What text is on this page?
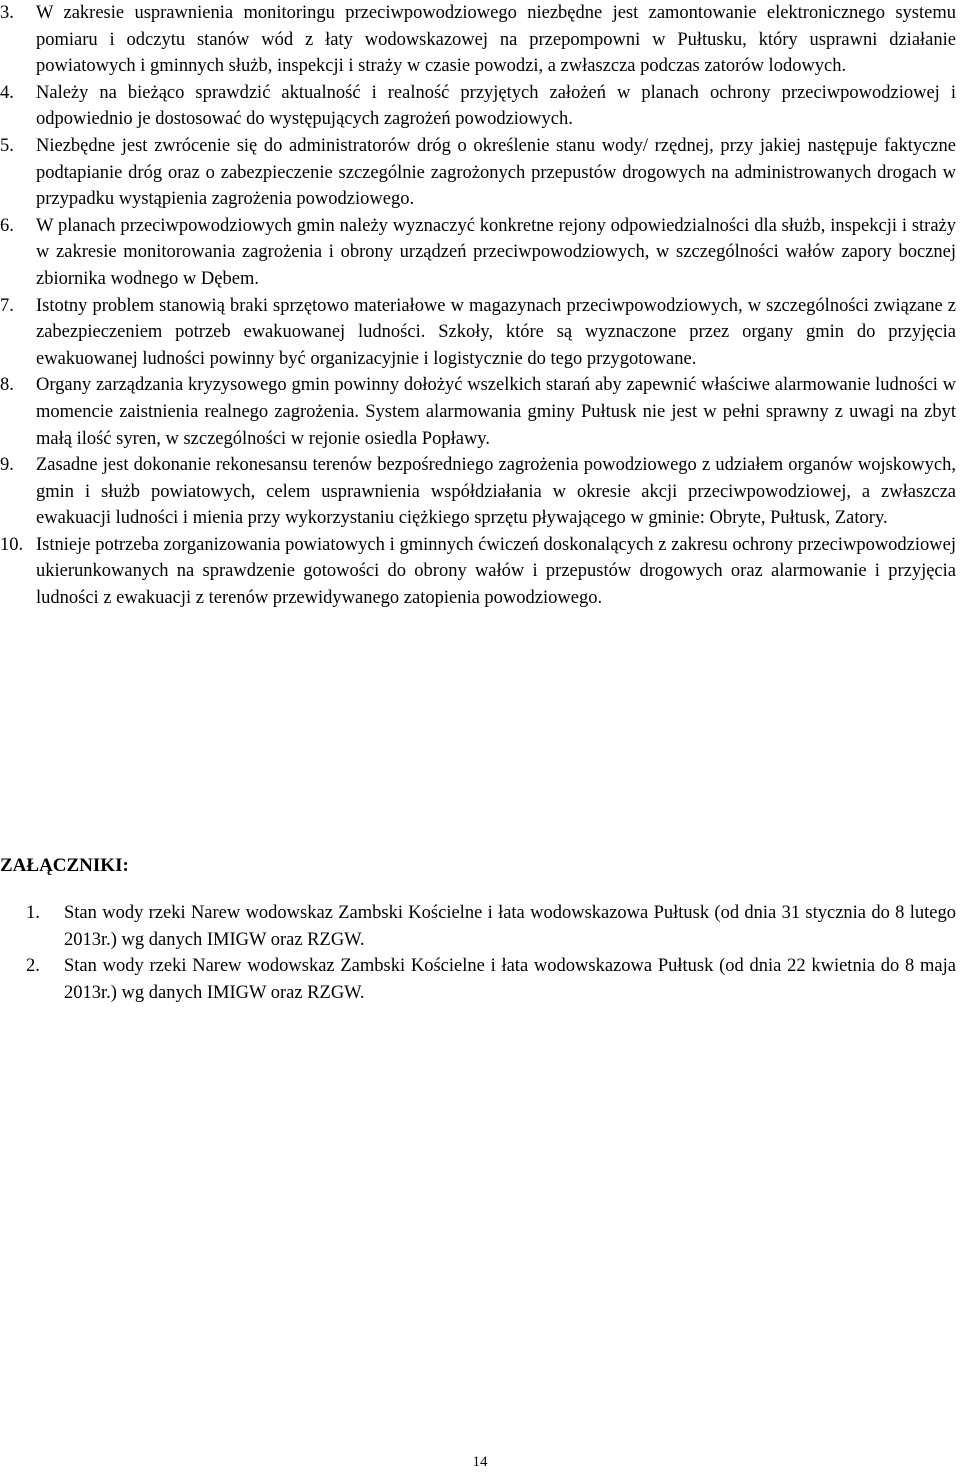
3.	W zakresie usprawnienia monitoringu przeciwpowodziowego niezbędne jest zamontowanie elektronicznego systemu pomiaru i odczytu stanów wód z łaty wodowskazowej na przepompowni w Pułtusku, który usprawni działanie powiatowych i gminnych służb, inspekcji i straży w czasie powodzi, a zwłaszcza podczas zatorów lodowych.
4.	Należy na bieżąco sprawdzić aktualność i realność przyjętych założeń w planach ochrony przeciwpowodziowej i odpowiednio je dostosować do występujących zagrożeń powodziowych.
5.	Niezbędne jest zwrócenie się do administratorów dróg o określenie stanu wody/ rzędnej, przy jakiej następuje faktyczne podtapianie dróg oraz o zabezpieczenie szczególnie zagrożonych przepustów drogowych na administrowanych drogach w przypadku wystąpienia zagrożenia powodziowego.
6.	W planach przeciwpowodziowych gmin należy wyznaczyć konkretne rejony odpowiedzialności dla służb, inspekcji i straży w zakresie monitorowania zagrożenia i obrony urządzeń przeciwpowodziowych, w szczególności wałów zapory bocznej zbiornika wodnego w Dębem.
7.	Istotny problem stanowią braki sprzętowo materiałowe w magazynach przeciwpowodziowych, w szczególności związane z zabezpieczeniem potrzeb ewakuowanej ludności. Szkoły, które są wyznaczone przez organy gmin do przyjęcia ewakuowanej ludności powinny być organizacyjnie i logistycznie do tego przygotowane.
8.	Organy zarządzania kryzysowego gmin powinny dołożyć wszelkich starań aby zapewnić właściwe alarmowanie ludności w momencie zaistnienia realnego zagrożenia. System alarmowania gminy Pułtusk nie jest w pełni sprawny z uwagi na zbyt małą ilość syren, w szczególności w rejonie osiedla Popławy.
9.	Zasadne jest dokonanie rekonesansu terenów bezpośredniego zagrożenia powodziowego z udziałem organów wojskowych, gmin i służb powiatowych, celem usprawnienia współdziałania w okresie akcji przeciwpowodziowej, a zwłaszcza ewakuacji ludności i mienia przy wykorzystaniu ciężkiego sprzętu pływającego w gminie: Obryte, Pułtusk, Zatory.
10. Istnieje potrzeba zorganizowania powiatowych i gminnych ćwiczeń doskonalących z zakresu ochrony przeciwpowodziowej ukierunkowanych na sprawdzenie gotowości do obrony wałów i przepustów drogowych oraz alarmowanie i przyjęcia ludności z ewakuacji z terenów przewidywanego zatopienia powodziowego.
ZAŁĄCZNIKI:
1.	Stan wody rzeki Narew wodowskaz Zambski Kościelne i łata wodowskazowa Pułtusk (od dnia 31 stycznia do 8 lutego 2013r.) wg danych IMIGW oraz RZGW.
2.	Stan wody rzeki Narew wodowskaz Zambski Kościelne i łata wodowskazowa Pułtusk (od dnia 22 kwietnia do 8 maja 2013r.) wg danych IMIGW oraz RZGW.
14
